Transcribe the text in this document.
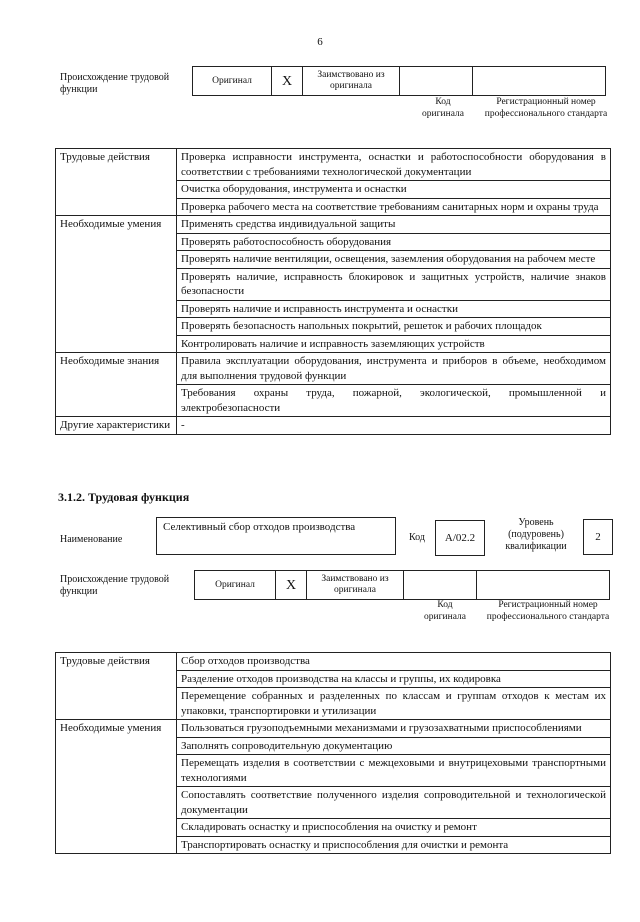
6
Происхождение трудовой функции
Оригинал	X	Заимствовано из оригинала		
Код оригинала
Регистрационный номер профессионального стандарта
Трудовые действия	Проверка исправности инструмента, оснастки и работоспособности оборудования в соответствии с требованиями технологической документации
	Очистка оборудования, инструмента и оснастки
	Проверка рабочего места на соответствие требованиям санитарных норм и охраны труда
Необходимые умения	Применять средства индивидуальной защиты
	Проверять работоспособность оборудования
	Проверять наличие вентиляции, освещения, заземления оборудования на рабочем месте
	Проверять наличие, исправность блокировок и защитных устройств, наличие знаков безопасности
	Проверять наличие и исправность инструмента и оснастки
	Проверять безопасность напольных покрытий, решеток и рабочих площадок
	Контролировать наличие и исправность заземляющих устройств
Необходимые знания	Правила эксплуатации оборудования, инструмента и приборов в объеме, необходимом для выполнения трудовой функции
	Требования охраны труда, пожарной, экологической, промышленной и электробезопасности
Другие характеристики	-
3.1.2. Трудовая функция
Наименование
Селективный сбор отходов производства
Код	А/02.2
Уровень (подуровень) квалификации
2
Происхождение трудовой функции
Оригинал	X	Заимствовано из оригинала		
Код оригинала
Регистрационный номер профессионального стандарта
Трудовые действия	Сбор отходов производства
	Разделение отходов производства на классы и группы, их кодировка
	Перемещение собранных и разделенных по классам и группам отходов к местам их упаковки, транспортировки и утилизации
Необходимые умения	Пользоваться грузоподъемными механизмами и грузозахватными приспособлениями
	Заполнять сопроводительную документацию
	Перемещать изделия в соответствии с межцеховыми и внутрицеховыми транспортными технологиями
	Сопоставлять соответствие полученного изделия сопроводительной и технологической документации
	Складировать оснастку и приспособления на очистку и ремонт
	Транспортировать оснастку и приспособления для очистки и ремонта
